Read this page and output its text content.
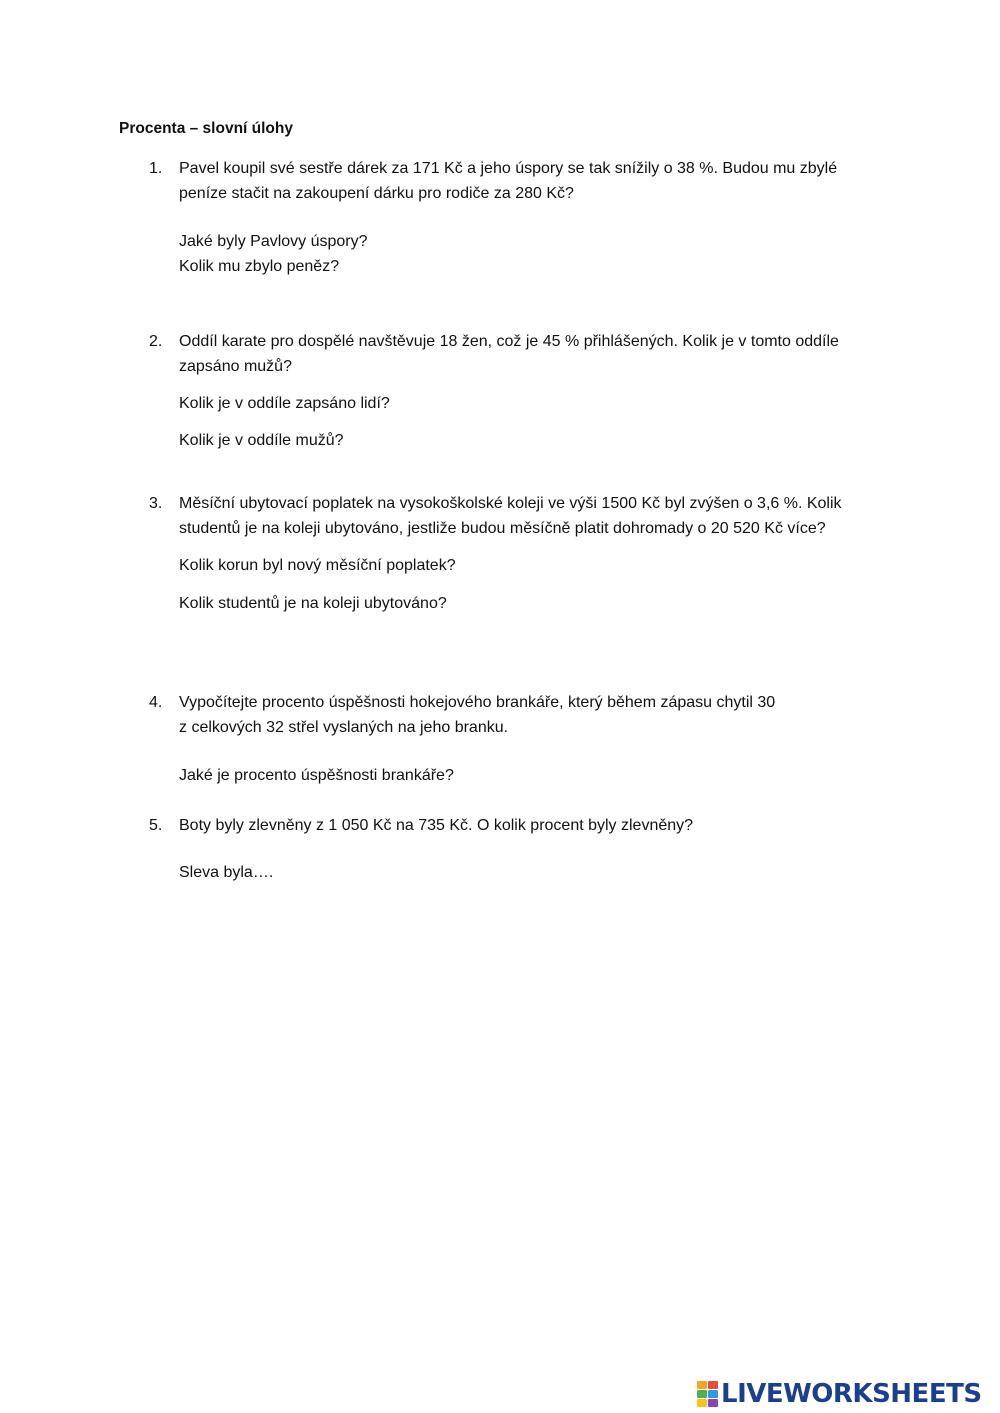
Procenta – slovní úlohy
1. Pavel koupil své sestře dárek za 171 Kč a jeho úspory se tak snížily o 38 %. Budou mu zbylé

peníze stačit na zakoupení dárku pro rodiče za 280 Kč?

Jaké byly Pavlovy úspory?

Kolik mu zbylo peněz?

2. Oddíl karate pro dospělé navštěvuje 18 žen, což je 45 % přihlášených. Kolik je v tomto oddíle

zapsáno mužů?

Kolik je v oddíle zapsáno lidí?

Kolik je v oddíle mužů?

3. Měsíční ubytovací poplatek na vysokoškolské koleji ve výši 1500 Kč byl zvýšen o 3,6 %. Kolik

studentů je na koleji ubytováno, jestliže budou měsíčně platit dohromady o 20 520 Kč více?

Kolik korun byl nový měsíční poplatek?

Kolik studentů je na koleji ubytováno?

4. Vypočítejte procento úspěšnosti hokejového brankáře, který během zápasu chytil 30

z celkových 32 střel vyslaných na jeho branku.

Jaké je procento úspěšnosti brankáře?

5. Boty byly zlevněny z 1 050 Kč na 735 Kč. O kolik procent byly zlevněny?

Sleva byla….

LIVEWORKSHEETS
